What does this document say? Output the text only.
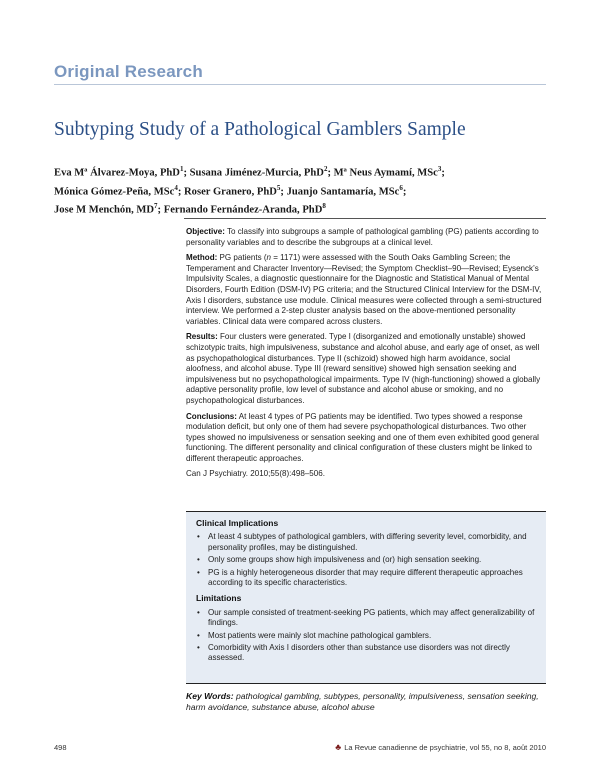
Original Research
Subtyping Study of a Pathological Gamblers Sample
Eva Mª Álvarez-Moya, PhD$^1$; Susana Jiménez-Murcia, PhD$^2$; Mª Neus Aymamí, MSc$^3$;
Mónica Gómez-Peña, MSc$^4$; Roser Granero, PhD$^5$; Juanjo Santamaría, MSc$^6$;
Jose M Menchón, $MD^7$; Fernando Fernández-Aranda, PhD$^8$

Objective: To classify into subgroups a sample of pathological gambling (PG) patients according to personality variables and to describe the subgroups at a clinical level.

Method: PG patients (n = 1171) were assessed with the South Oaks Gambling Screen; the Temperament and Character Inventory—Revised; the Symptom Checklist–90—Revised; Eysenck’s Impulsivity Scales, a diagnostic questionnaire for the Diagnostic and Statistical Manual of Mental Disorders, Fourth Edition (DSM-IV) PG criteria; and the Structured Clinical Interview for the DSM-IV, Axis I disorders, substance use module. Clinical measures were collected through a semi-structured interview. We performed a 2-step cluster analysis based on the above-mentioned personality variables. Clinical data were compared across clusters.

Results: Four clusters were generated. Type I (disorganized and emotionally unstable) showed schizotypic traits, high impulsiveness, substance and alcohol abuse, and early age of onset, as well as psychopathological disturbances. Type II (schizoid) showed high harm avoidance, social aloofness, and alcohol abuse. Type III (reward sensitive) showed high sensation seeking and impulsiveness but no psychopathological impairments. Type IV (high-functioning) showed a globally adaptive personality profile, low level of substance and alcohol abuse or smoking, and no psychopathological disturbances.

Conclusions: At least 4 types of PG patients may be identified. Two types showed a response modulation deficit, but only one of them had severe psychopathological disturbances. Two other types showed no impulsiveness or sensation seeking and one of them even exhibited good general functioning. The different personality and clinical configuration of these clusters might be linked to different therapeutic approaches.

Can J Psychiatry. 2010;55(8):498–506.

Clinical Implications
• At least 4 subtypes of pathological gamblers, with differing severity level, comorbidity, and personality profiles, may be distinguished.
• Only some groups show high impulsiveness and (or) high sensation seeking.
• PG is a highly heterogeneous disorder that may require different therapeutic approaches according to its specific characteristics.
Limitations
• Our sample consisted of treatment-seeking PG patients, which may affect generalizability of findings.
• Most patients were mainly slot machine pathological gamblers.
• Comorbidity with Axis I disorders other than substance use disorders was not directly assessed.
Key Words: pathological gambling, subtypes, personality, impulsiveness, sensation seeking, harm avoidance, substance abuse, alcohol abuse
498	♣ La Revue canadienne de psychiatrie, vol 55, no 8, août 2010
